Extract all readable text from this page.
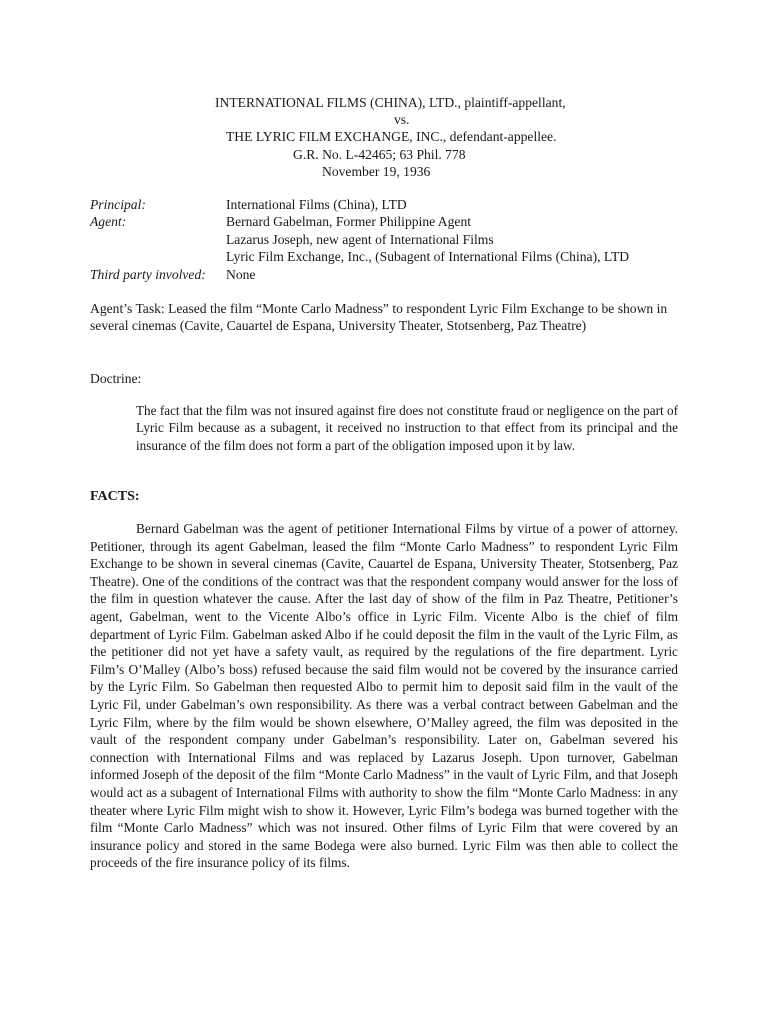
INTERNATIONAL FILMS (CHINA), LTD., plaintiff-appellant,
vs.
THE LYRIC FILM EXCHANGE, INC., defendant-appellee.
G.R. No. L-42465; 63 Phil. 778
November 19, 1936
Principal:	International Films (China), LTD
Agent:	Bernard Gabelman, Former Philippine Agent
Lazarus Joseph, new agent of International Films
Lyric Film Exchange, Inc., (Subagent of International Films (China), LTD
Third party involved:	None
Agent’s Task: Leased the film “Monte Carlo Madness” to respondent Lyric Film Exchange to be shown in several cinemas (Cavite, Cauartel de Espana, University Theater, Stotsenberg, Paz Theatre)
Doctrine:
The fact that the film was not insured against fire does not constitute fraud or negligence on the part of Lyric Film because as a subagent, it received no instruction to that effect from its principal and the insurance of the film does not form a part of the obligation imposed upon it by law.
FACTS:
Bernard Gabelman was the agent of petitioner International Films by virtue of a power of attorney. Petitioner, through its agent Gabelman, leased the film “Monte Carlo Madness” to respondent Lyric Film Exchange to be shown in several cinemas (Cavite, Cauartel de Espana, University Theater, Stotsenberg, Paz Theatre). One of the conditions of the contract was that the respondent company would answer for the loss of the film in question whatever the cause. After the last day of show of the film in Paz Theatre, Petitioner’s agent, Gabelman, went to the Vicente Albo’s office in Lyric Film. Vicente Albo is the chief of film department of Lyric Film. Gabelman asked Albo if he could deposit the film in the vault of the Lyric Film, as the petitioner did not yet have a safety vault, as required by the regulations of the fire department. Lyric Film’s O’Malley (Albo’s boss) refused because the said film would not be covered by the insurance carried by the Lyric Film. So Gabelman then requested Albo to permit him to deposit said film in the vault of the Lyric Fil, under Gabelman’s own responsibility. As there was a verbal contract between Gabelman and the Lyric Film, where by the film would be shown elsewhere, O’Malley agreed, the film was deposited in the vault of the respondent company under Gabelman’s responsibility. Later on, Gabelman severed his connection with International Films and was replaced by Lazarus Joseph. Upon turnover, Gabelman informed Joseph of the deposit of the film “Monte Carlo Madness” in the vault of Lyric Film, and that Joseph would act as a subagent of International Films with authority to show the film “Monte Carlo Madness: in any theater where Lyric Film might wish to show it. However, Lyric Film’s bodega was burned together with the film “Monte Carlo Madness” which was not insured. Other films of Lyric Film that were covered by an insurance policy and stored in the same Bodega were also burned. Lyric Film was then able to collect the proceeds of the fire insurance policy of its films.
